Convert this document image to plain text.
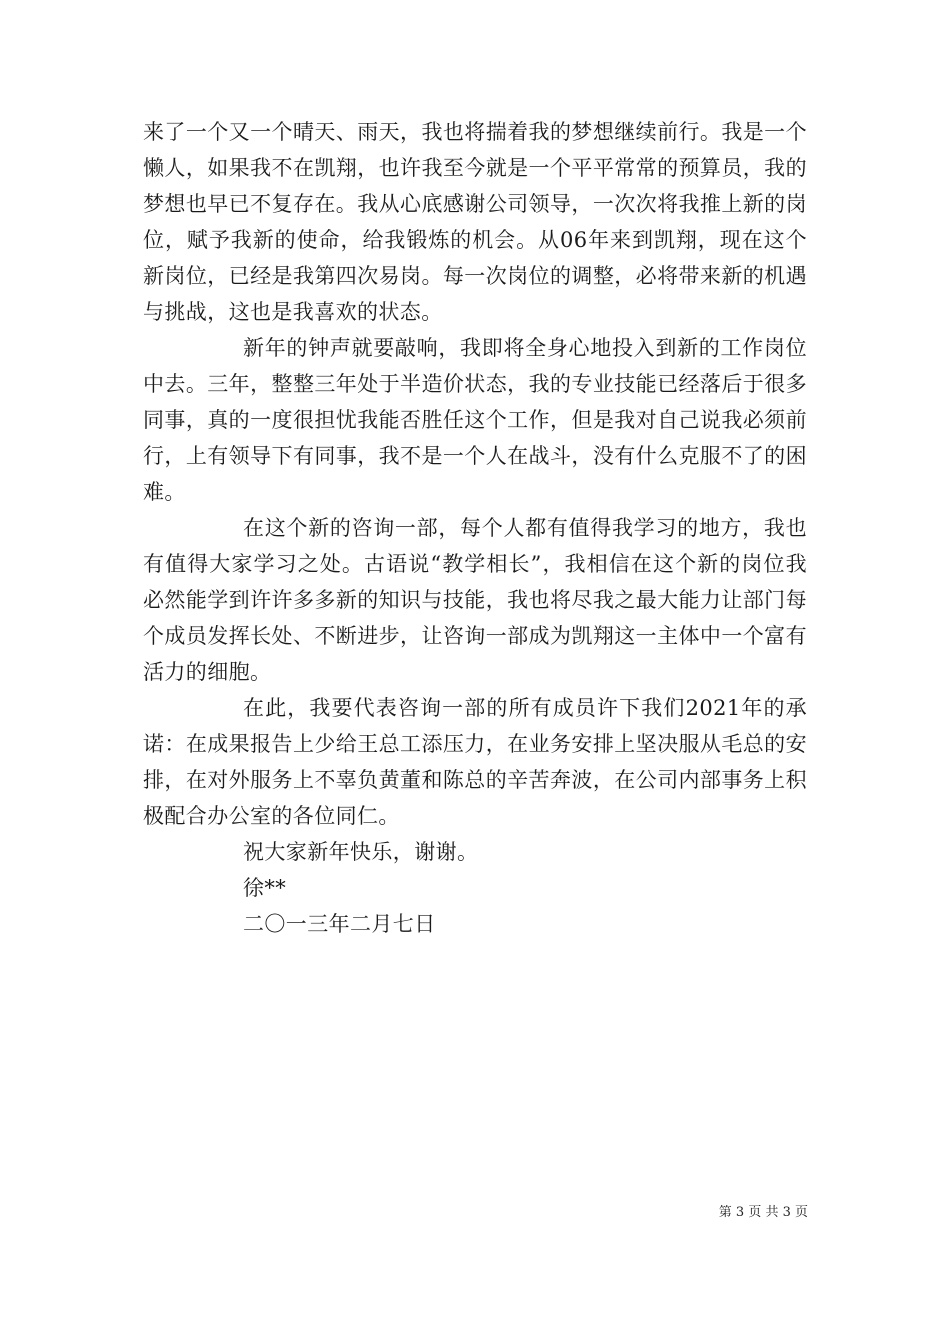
来了一个又一个晴天、雨天，我也将揣着我的梦想继续前行。我是一个懒人，如果我不在凯翔，也许我至今就是一个平平常常的预算员，我的梦想也早已不复存在。我从心底感谢公司领导，一次次将我推上新的岗位，赋予我新的使命，给我锻炼的机会。从06年来到凯翔，现在这个新岗位，已经是我第四次易岗。每一次岗位的调整，必将带来新的机遇与挑战，这也是我喜欢的状态。

新年的钟声就要敲响，我即将全身心地投入到新的工作岗位中去。三年，整整三年处于半造价状态，我的专业技能已经落后于很多同事，真的一度很担忧我能否胜任这个工作，但是我对自己说我必须前行，上有领导下有同事，我不是一个人在战斗，没有什么克服不了的困难。

在这个新的咨询一部，每个人都有值得我学习的地方，我也有值得大家学习之处。古语说“教学相长”，我相信在这个新的岗位我必然能学到许许多多新的知识与技能，我也将尽我之最大能力让部门每个成员发挥长处、不断进步，让咨询一部成为凯翔这一主体中一个富有活力的细胞。

在此，我要代表咨询一部的所有成员许下我们2021年的承诺：在成果报告上少给王总工添压力，在业务安排上坚决服从毛总的安排，在对外服务上不辜负黄董和陈总的辛苦奔波，在公司内部事务上积极配合办公室的各位同仁。

祝大家新年快乐，谢谢。

徐**

二〇一三年二月七日

第 3 页 共 3 页
